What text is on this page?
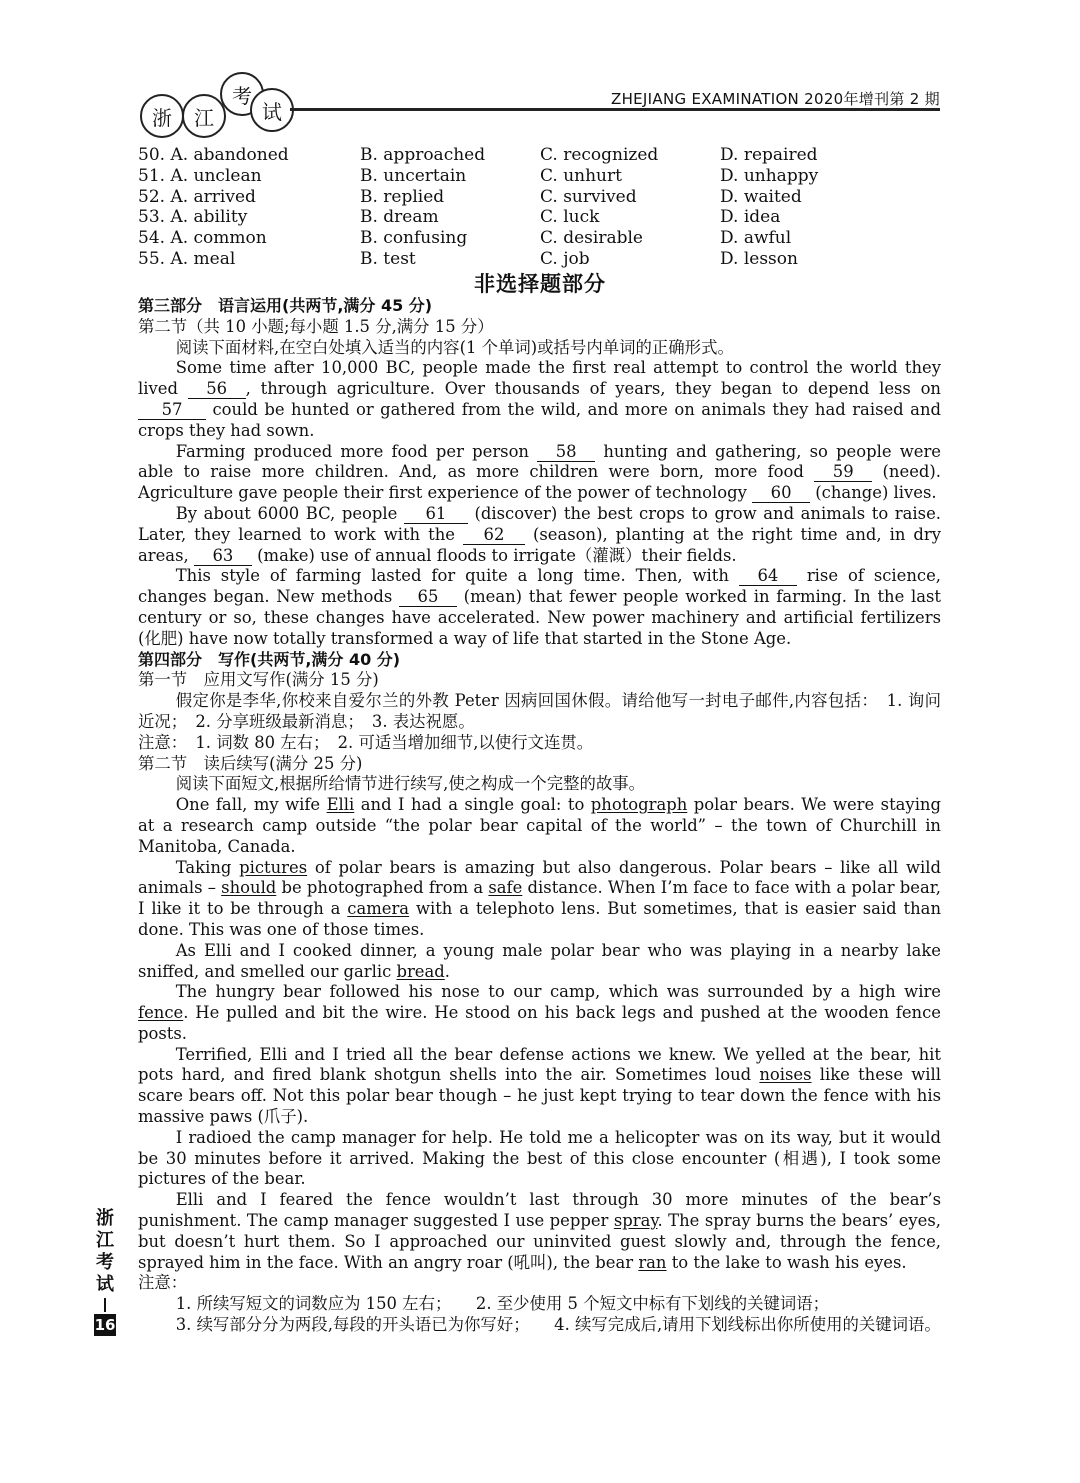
浙	江
考
试
ZHEJIANG EXAMINATION 2020年增刊第 2 期
浙
江
考
试
16
50. A. abandoned	B. approached	C. recognized	D. repaired
51. A. unclean	B. uncertain	C. unhurt	D. unhappy
52. A. arrived	B. replied	C. survived	D. waited
53. A. ability	B. dream	C. luck	D. idea
54. A. common	B. confusing	C. desirable	D. awful
55. A. meal	B. test	C. job	D. lesson
非选择题部分

第三部分　语言运用(共两节,满分 45 分)

第二节（共 10 小题;每小题 1.5 分,满分 15 分）

阅读下面材料,在空白处填入适当的内容(1 个单词)或括号内单词的正确形式。

Some time after 10,000 BC, people made the first real attempt to control the world they lived 56 , through agriculture. Over thousands of years, they began to depend less on 57 could be hunted or gathered from the wild, and more on animals they had raised and crops they had sown.

Farming produced more food per person 58 hunting and gathering, so people were able to raise more children. And, as more children were born, more food 59 (need). Agriculture gave people their first experience of the power of technology 60 (change) lives.

By about 6000 BC, people 61 (discover) the best crops to grow and animals to raise. Later, they learned to work with the 62 (season), planting at the right time and, in dry areas, 63 (make) use of annual floods to irrigate（灌溉）their fields.

This style of farming lasted for quite a long time. Then, with 64 rise of science, changes began. New methods 65 (mean) that fewer people worked in farming. In the last century or so, these changes have accelerated. New power machinery and artificial fertilizers (化肥) have now totally transformed a way of life that started in the Stone Age.

第四部分　写作(共两节,满分 40 分)

第一节　应用文写作(满分 15 分)

假定你是李华,你校来自爱尔兰的外教 Peter 因病回国休假。请给他写一封电子邮件,内容包括：　1. 询问近况；　2. 分享班级最新消息；　3. 表达祝愿。

注意：　1. 词数 80 左右；　2. 可适当增加细节,以使行文连贯。

第二节　读后续写(满分 25 分)

阅读下面短文,根据所给情节进行续写,使之构成一个完整的故事。

One fall, my wife Elli and I had a single goal: to photograph polar bears. We were staying at a research camp outside “the polar bear capital of the world” – the town of Churchill in Manitoba, Canada.

Taking pictures of polar bears is amazing but also dangerous. Polar bears – like all wild animals – should be photographed from a safe distance. When I’m face to face with a polar bear, I like it to be through a camera with a telephoto lens. But sometimes, that is easier said than done. This was one of those times.

As Elli and I cooked dinner, a young male polar bear who was playing in a nearby lake sniffed, and smelled our garlic bread.

The hungry bear followed his nose to our camp, which was surrounded by a high wire fence. He pulled and bit the wire. He stood on his back legs and pushed at the wooden fence posts.

Terrified, Elli and I tried all the bear defense actions we knew. We yelled at the bear, hit pots hard, and fired blank shotgun shells into the air. Sometimes loud noises like these will scare bears off. Not this polar bear though – he just kept trying to tear down the fence with his massive paws (爪子).

I radioed the camp manager for help. He told me a helicopter was on its way, but it would be 30 minutes before it arrived. Making the best of this close encounter (相遇), I took some pictures of the bear.

Elli and I feared the fence wouldn’t last through 30 more minutes of the bear’s punishment. The camp manager suggested I use pepper spray. The spray burns the bears’ eyes, but doesn’t hurt them. So I approached our uninvited guest slowly and, through the fence, sprayed him in the face. With an angry roar (吼叫), the bear ran to the lake to wash his eyes.

注意：

1. 所续写短文的词数应为 150 左右；　　2. 至少使用 5 个短文中标有下划线的关键词语；

3. 续写部分分为两段,每段的开头语已为你写好；　　4. 续写完成后,请用下划线标出你所使用的关键词语。
